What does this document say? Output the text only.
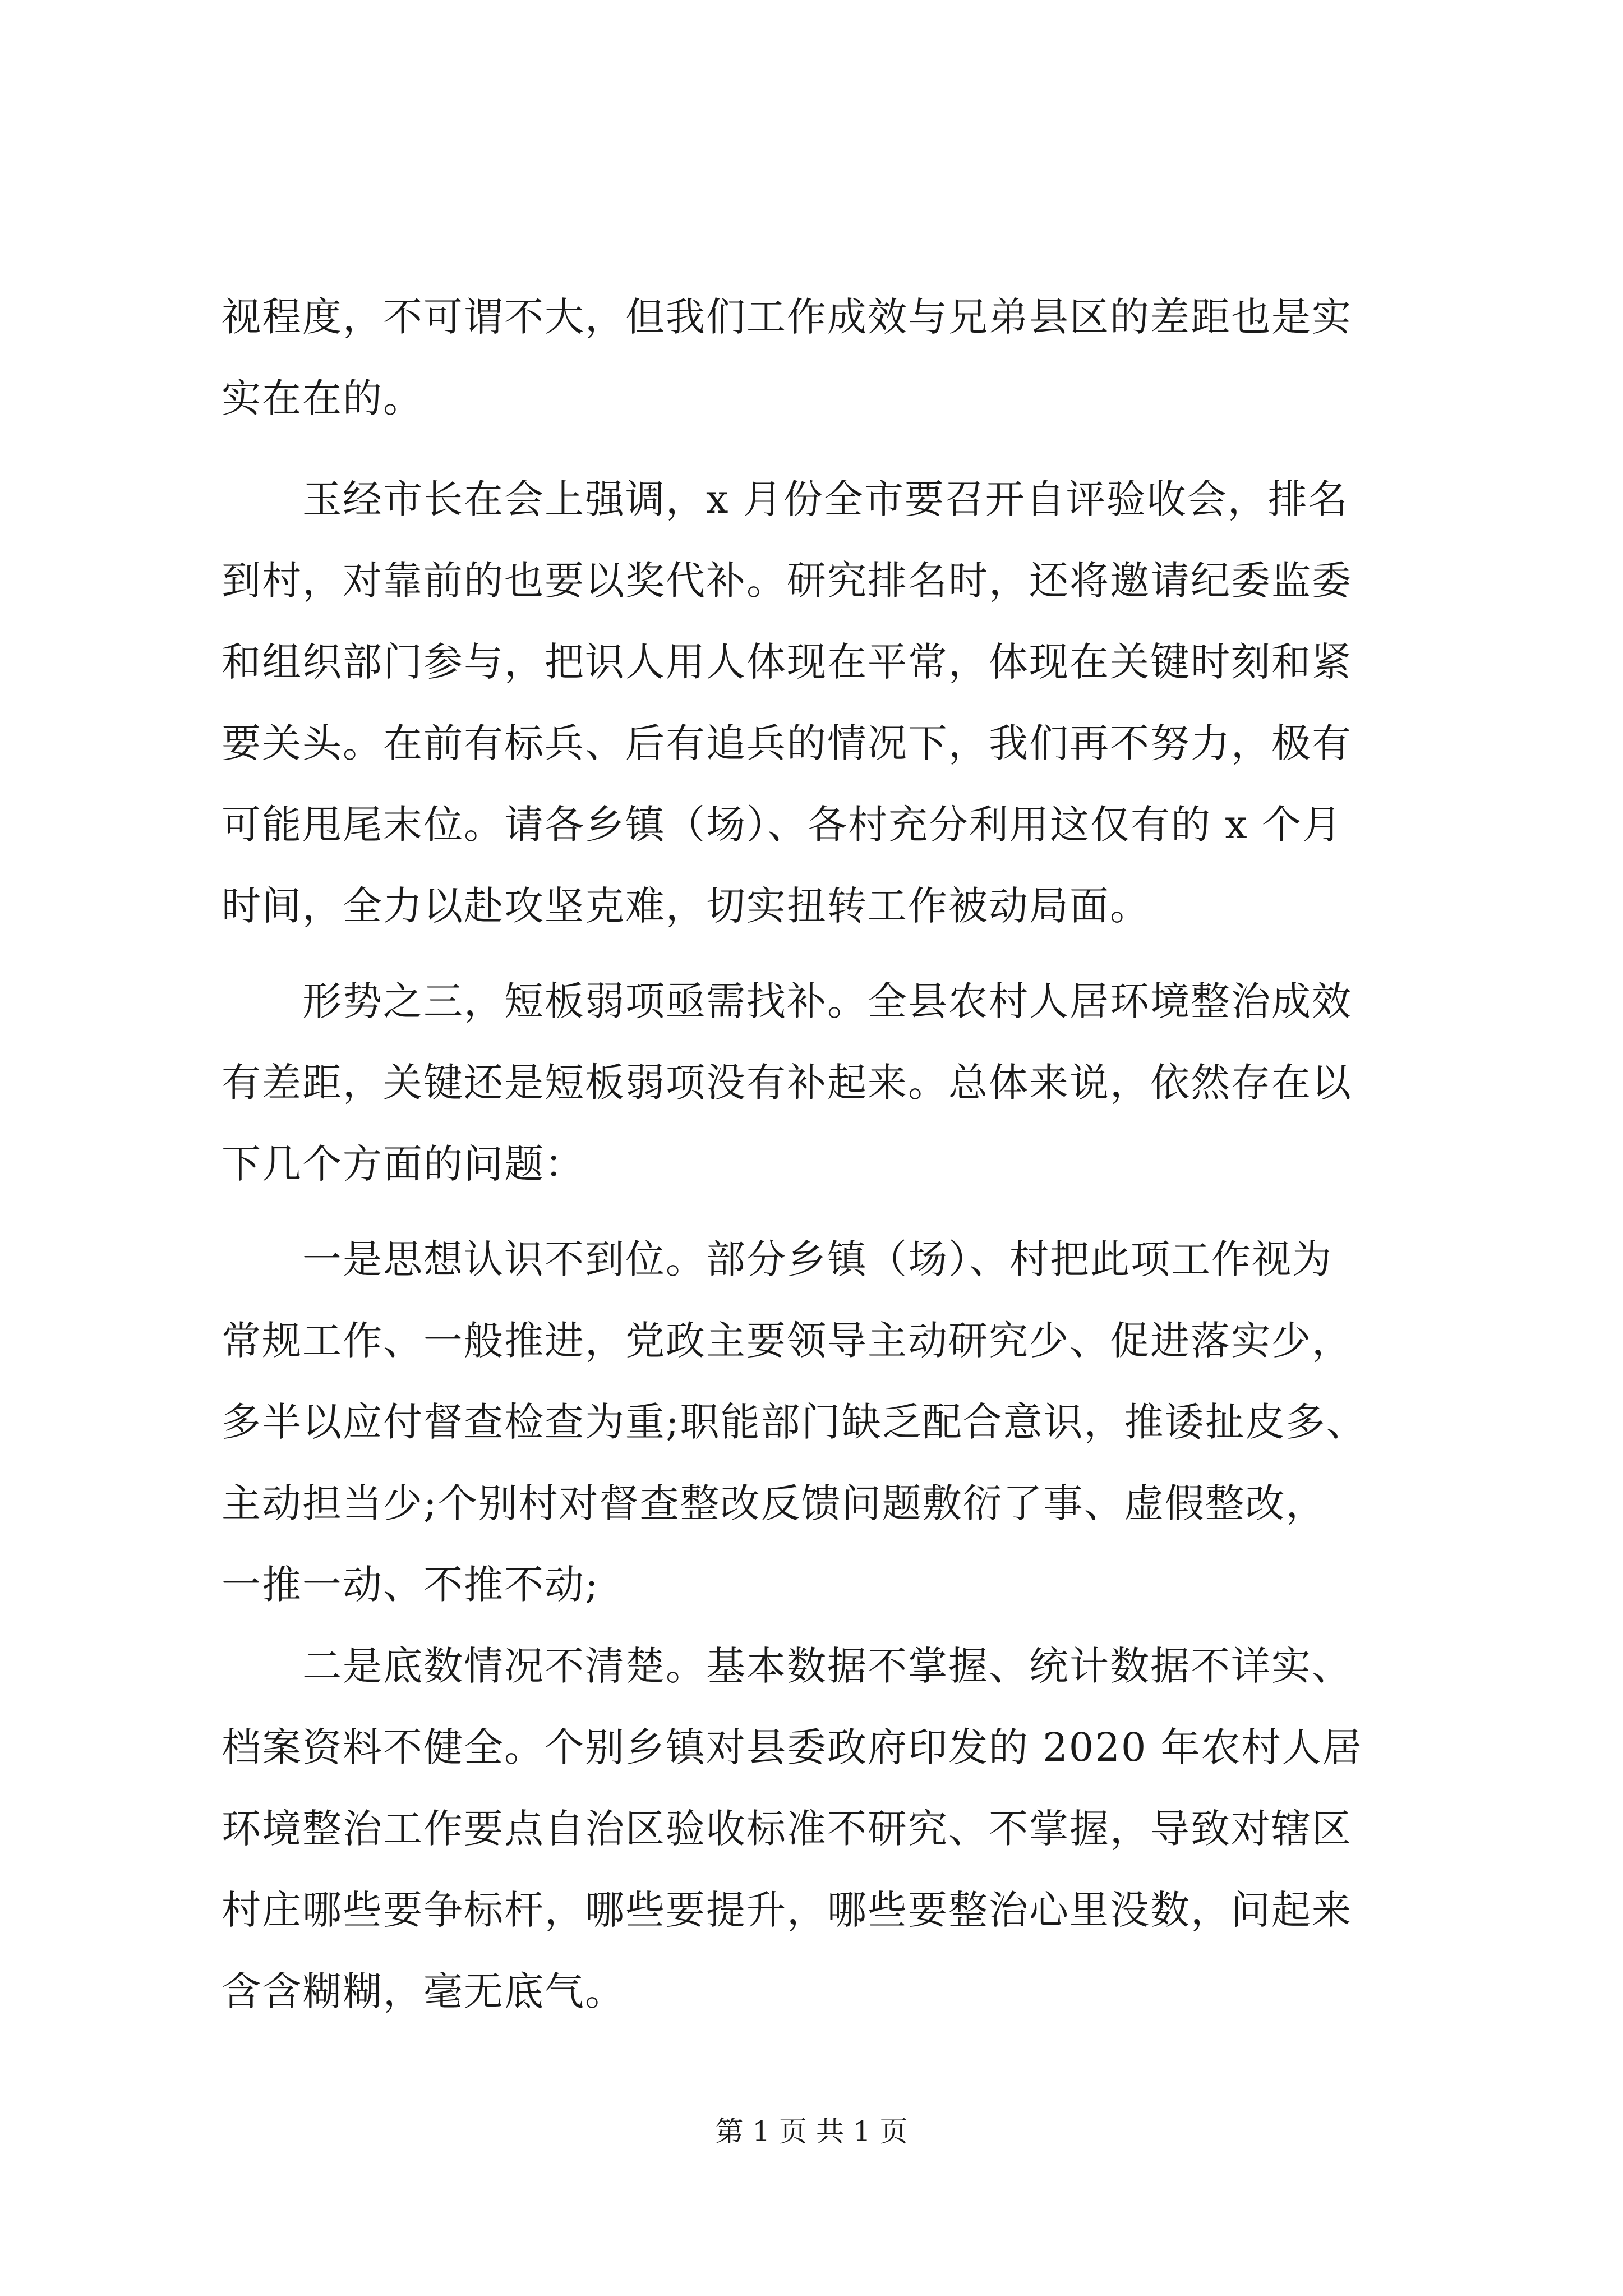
视程度，不可谓不大，但我们工作成效与兄弟县区的差距也是实
实在在的。
　　玉经市长在会上强调，x 月份全市要召开自评验收会，排名
到村，对靠前的也要以奖代补。研究排名时，还将邀请纪委监委
和组织部门参与，把识人用人体现在平常，体现在关键时刻和紧
要关头。在前有标兵、后有追兵的情况下，我们再不努力，极有
可能甩尾末位。请各乡镇（场）、各村充分利用这仅有的 x 个月
时间，全力以赴攻坚克难，切实扭转工作被动局面。
　　形势之三，短板弱项亟需找补。全县农村人居环境整治成效
有差距，关键还是短板弱项没有补起来。总体来说，依然存在以
下几个方面的问题：
　　一是思想认识不到位。部分乡镇（场）、村把此项工作视为
常规工作、一般推进，党政主要领导主动研究少、促进落实少，
多半以应付督查检查为重;职能部门缺乏配合意识，推诿扯皮多、
主动担当少;个别村对督查整改反馈问题敷衍了事、虚假整改，
一推一动、不推不动;
　　二是底数情况不清楚。基本数据不掌握、统计数据不详实、
档案资料不健全。个别乡镇对县委政府印发的 2020 年农村人居
环境整治工作要点自治区验收标准不研究、不掌握，导致对辖区
村庄哪些要争标杆，哪些要提升，哪些要整治心里没数，问起来
含含糊糊，毫无底气。
第 1 页 共 1 页
